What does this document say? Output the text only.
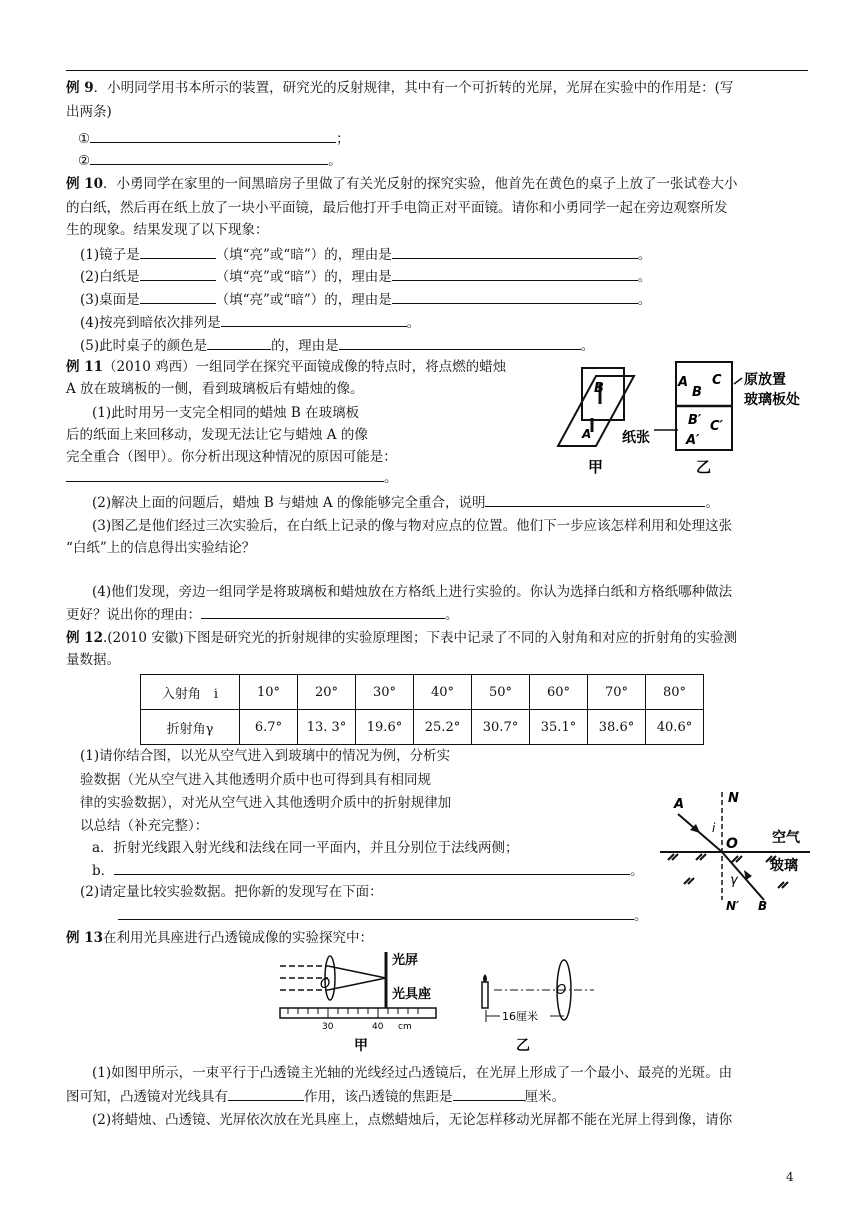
例 9．小明同学用书本所示的装置，研究光的反射规律，其中有一个可折转的光屏，光屏在实验中的作用是：(写
出两条)
①	；
②	。
例 10．小勇同学在家里的一间黑暗房子里做了有关光反射的探究实验，他首先在黄色的桌子上放了一张试卷大小
的白纸，然后再在纸上放了一块小平面镜，最后他打开手电筒正对平面镜。请你和小勇同学一起在旁边观察所发
生的现象。结果发现了以下现象：
(1)镜子是	（填“亮”或“暗”）的，理由是	。
(2)白纸是	（填“亮”或“暗”）的，理由是	。
(3)桌面是	（填“亮”或“暗”）的，理由是	。
(4)按亮到暗依次排列是	。
(5)此时桌子的颜色是	的，理由是	。
例 11（2010 鸡西）一组同学在探究平面镜成像的特点时，将点燃的蜡烛
A 放在玻璃板的一侧，看到玻璃板后有蜡烛的像。
(1)此时用另一支完全相同的蜡烛 B 在玻璃板
后的纸面上来回移动，发现无法让它与蜡烛 A 的像
完全重合（图甲）。你分析出现这种情况的原因可能是：
。
(2)解决上面的问题后，蜡烛 B 与蜡烛 A 的像能够完全重合，说明	。
(3)图乙是他们经过三次实验后，在白纸上记录的像与物对应点的位置。他们下一步应该怎样利用和处理这张
“白纸”上的信息得出实验结论？
(4)他们发现，旁边一组同学是将玻璃板和蜡烛放在方格纸上进行实验的。你认为选择白纸和方格纸哪种做法
更好？说出你的理由：	。
B
A
甲
A
B
C
B′ C′
A′
原放置
玻璃板处
纸张
乙
例 12.(2010 安徽)下图是研究光的折射规律的实验原理图；下表中记录了不同的入射角和对应的折射角的实验测
量数据。
入射角　i	10°	20°	30°	40°	50°	60°	70°	80°
折射角γ	6.7°	13. 3°	19.6°	25.2°	30.7°	35.1°	38.6°	40.6°
(1)请你结合图，以光从空气进入到玻璃中的情况为例，分析实
验数据（光从空气进入其他透明介质中也可得到具有相同规
律的实验数据），对光从空气进入其他透明介质中的折射规律加
以总结（补充完整）：
a．折射光线跟入射光线和法线在同一平面内，并且分别位于法线两侧；
b．	。
(2)请定量比较实验数据。把你新的发现写在下面：
。
A	N
i
O 空气
玻璃
γ
N′ B
例 13在利用光具座进行凸透镜成像的实验探究中：
O
光屏
光具座
30	40 cm
甲
O
16厘米
乙
(1)如图甲所示，一束平行于凸透镜主光轴的光线经过凸透镜后，在光屏上形成了一个最小、最亮的光斑。由
图可知，凸透镜对光线具有	作用，该凸透镜的焦距是	厘米。
(2)将蜡烛、凸透镜、光屏依次放在光具座上，点燃蜡烛后，无论怎样移动光屏都不能在光屏上得到像，请你
4
